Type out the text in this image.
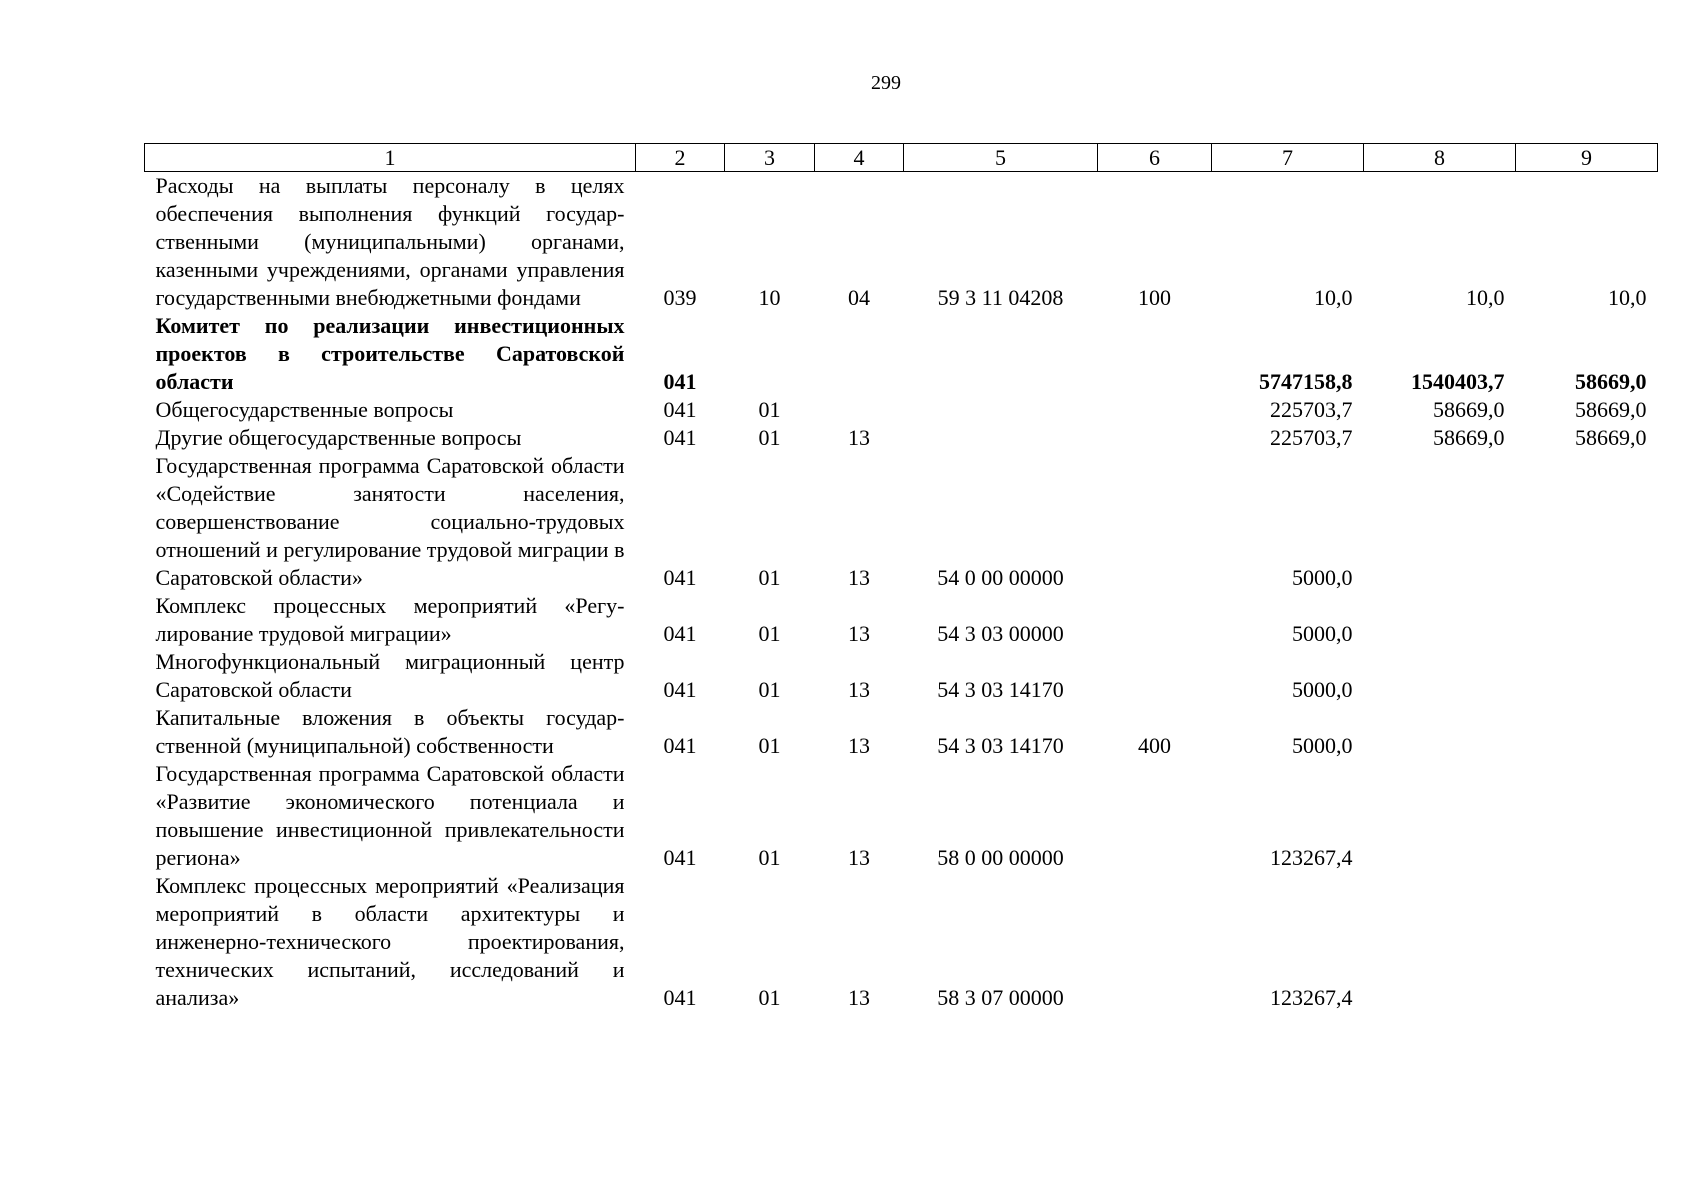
299
1	2	3	4	5	6	7	8	9
Расходы на выплаты персоналу в целях обеспечения выполнения функций государственными (муниципальными) органами, казенными учреждениями, органами управления государственными внебюджетными фондами	039	10	04	59 3 11 04208	100	10,0	10,0	10,0
Комитет по реализации инвестиционных проектов в строительстве Саратовской области	041					5747158,8	1540403,7	58669,0
Общегосударственные вопросы	041	01				225703,7	58669,0	58669,0
Другие общегосударственные вопросы	041	01	13			225703,7	58669,0	58669,0
Государственная программа Саратовской области «Содействие занятости населения, совершенствование социально-трудовых отношений и регулирование трудовой миграции в Саратовской области»	041	01	13	54 0 00 00000		5000,0		
Комплекс процессных мероприятий «Регулирование трудовой миграции»	041	01	13	54 3 03 00000		5000,0		
Многофункциональный миграционный центр Саратовской области	041	01	13	54 3 03 14170		5000,0		
Капитальные вложения в объекты государственной (муниципальной) собственности	041	01	13	54 3 03 14170	400	5000,0		
Государственная программа Саратовской области «Развитие экономического потенциала и повышение инвестиционной привлекательности региона»	041	01	13	58 0 00 00000		123267,4		
Комплекс процессных мероприятий «Реализация мероприятий в области архитектуры и инженерно-технического проектирования, технических испытаний, исследований и анализа»	041	01	13	58 3 07 00000		123267,4		
